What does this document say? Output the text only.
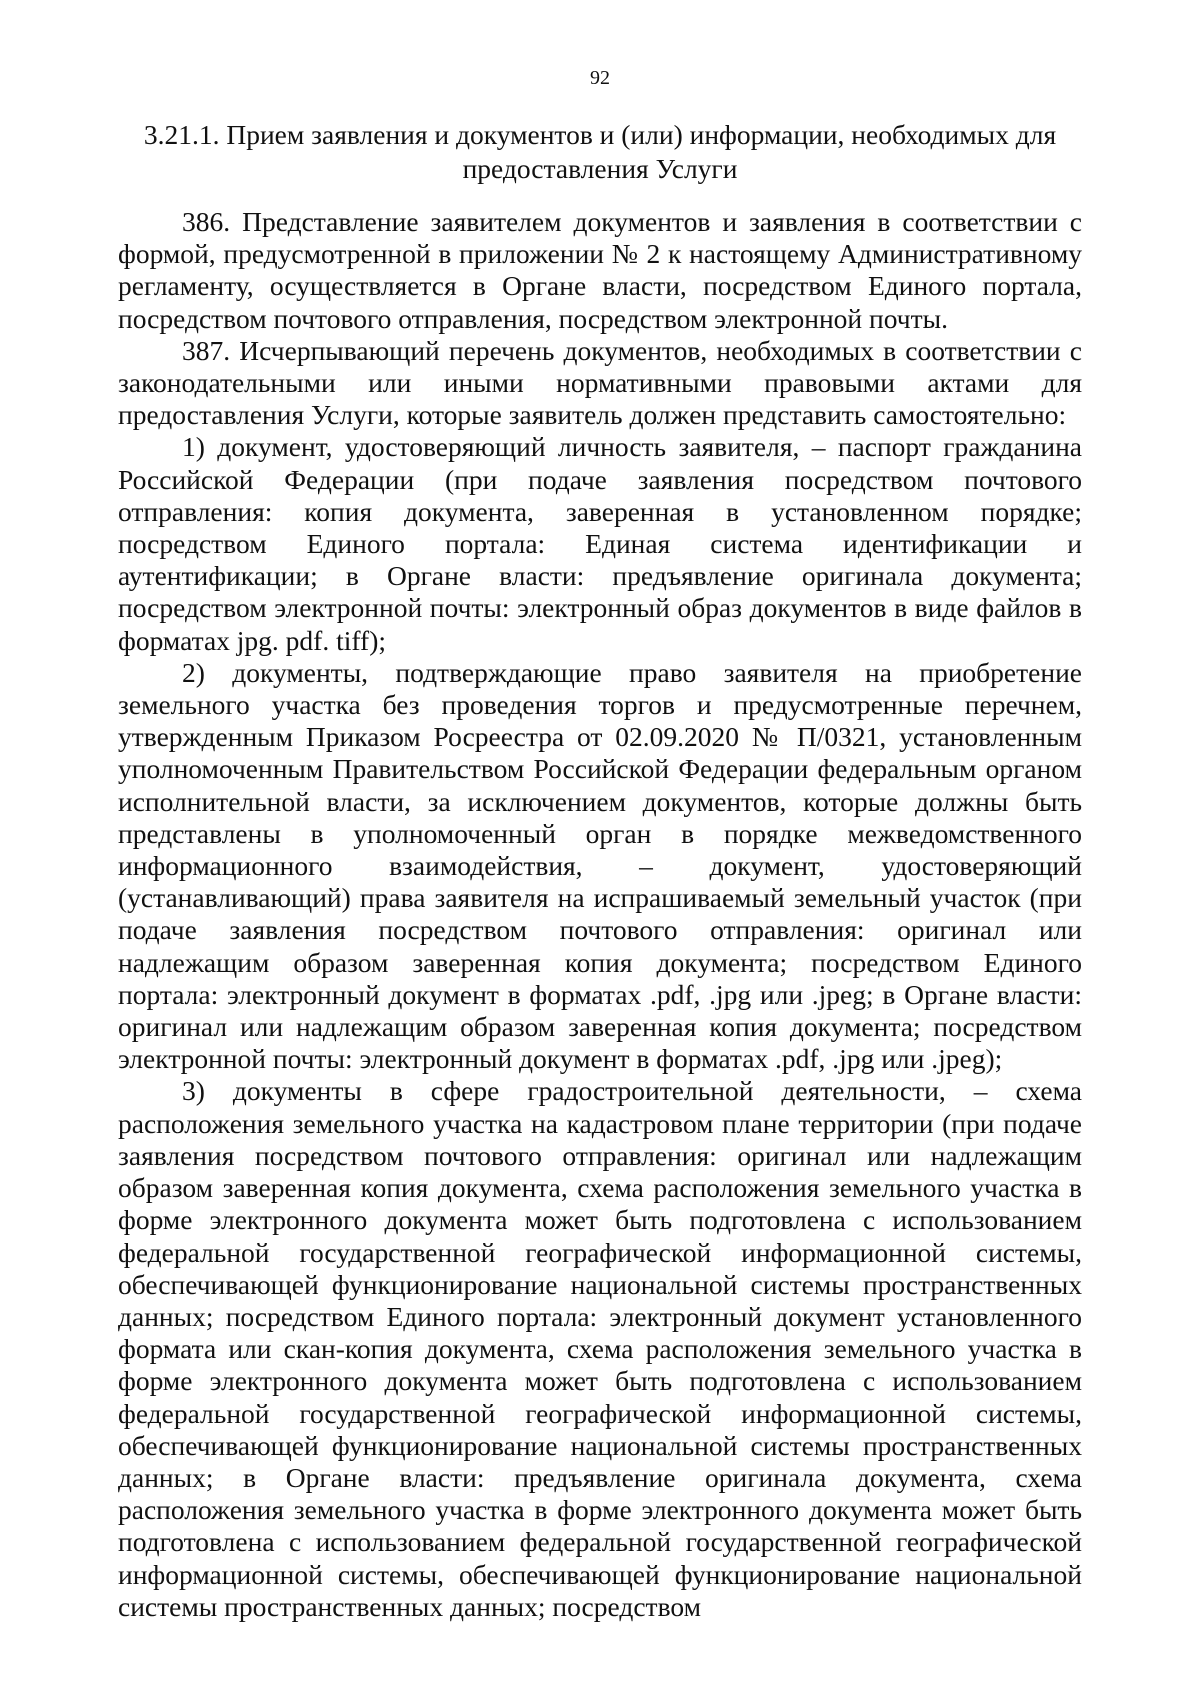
92
3.21.1. Прием заявления и документов и (или) информации, необходимых для
предоставления Услуги

386. Представление заявителем документов и заявления в соответствии с формой, предусмотренной в приложении № 2 к настоящему Административному регламенту, осуществляется в Органе власти, посредством Единого портала, посредством почтового отправления, посредством электронной почты.

387. Исчерпывающий перечень документов, необходимых в соответствии с законодательными или иными нормативными правовыми актами для предоставления Услуги, которые заявитель должен представить самостоятельно:

1) документ, удостоверяющий личность заявителя, – паспорт гражданина Российской Федерации (при подаче заявления посредством почтового отправления: копия документа, заверенная в установленном порядке; посредством Единого портала: Единая система идентификации и аутентификации; в Органе власти: предъявление оригинала документа; посредством электронной почты: электронный образ документов в виде файлов в форматах jpg. pdf. tiff);

2) документы, подтверждающие право заявителя на приобретение земельного участка без проведения торгов и предусмотренные перечнем, утвержденным Приказом Росреестра от 02.09.2020 № П/0321, установленным уполномоченным Правительством Российской Федерации федеральным органом исполнительной власти, за исключением документов, которые должны быть представлены в уполномоченный орган в порядке межведомственного информационного взаимодействия, – документ, удостоверяющий (устанавливающий) права заявителя на испрашиваемый земельный участок (при подаче заявления посредством почтового отправления: оригинал или надлежащим образом заверенная копия документа; посредством Единого портала: электронный документ в форматах .pdf, .jpg или .jpeg; в Органе власти: оригинал или надлежащим образом заверенная копия документа; посредством электронной почты: электронный документ в форматах .pdf, .jpg или .jpeg);

3) документы в сфере градостроительной деятельности, – схема расположения земельного участка на кадастровом плане территории (при подаче заявления посредством почтового отправления: оригинал или надлежащим образом заверенная копия документа, схема расположения земельного участка в форме электронного документа может быть подготовлена с использованием федеральной государственной географической информационной системы, обеспечивающей функционирование национальной системы пространственных данных; посредством Единого портала: электронный документ установленного формата или скан-копия документа, схема расположения земельного участка в форме электронного документа может быть подготовлена с использованием федеральной государственной географической информационной системы, обеспечивающей функционирование национальной системы пространственных данных; в Органе власти: предъявление оригинала документа, схема расположения земельного участка в форме электронного документа может быть подготовлена с использованием федеральной государственной географической информационной системы, обеспечивающей функционирование национальной системы пространственных данных; посредством
